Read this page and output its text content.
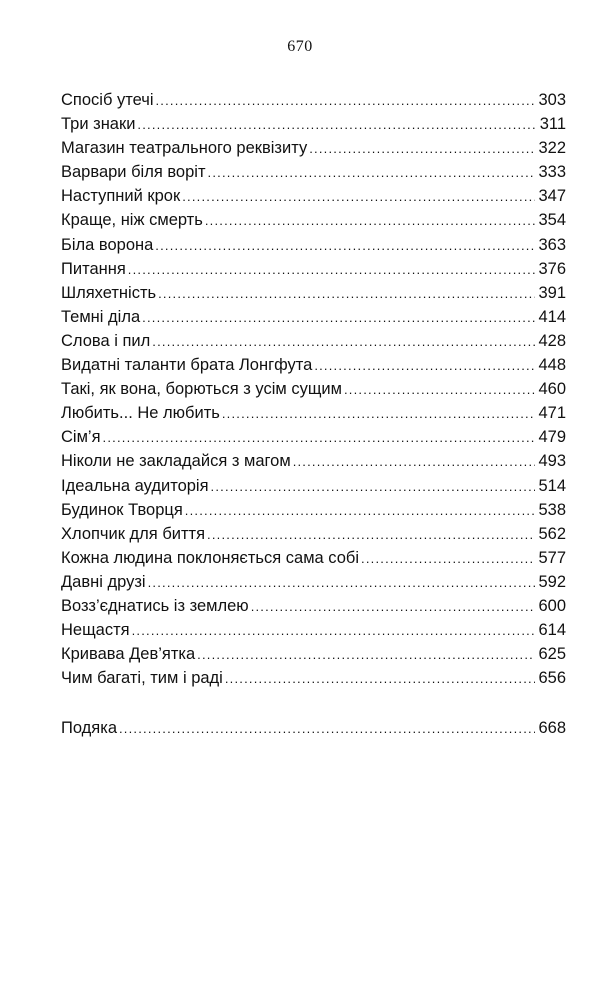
670
Спосіб утечі .....	303
Три знаки .....	311
Магазин театрального реквізиту .....	322
Варвари біля воріт .....	333
Наступний крок .....	347
Краще, ніж смерть .....	354
Біла ворона .....	363
Питання .....	376
Шляхетність .....	391
Темні діла .....	414
Слова і пил .....	428
Видатні таланти брата Лонгфута .....	448
Такі, як вона, борються з усім сущим .....	460
Любить... Не любить .....	471
Сім’я .....	479
Ніколи не закладайся з магом .....	493
Ідеальна аудиторія .....	514
Будинок Творця .....	538
Хлопчик для биття .....	562
Кожна людина поклоняється сама собі .....	577
Давні друзі .....	592
Возз’єднатись із землею .....	600
Нещастя .....	614
Кривава Дев’ятка .....	625
Чим багаті, тим і раді .....	656
Подяка .....	668
